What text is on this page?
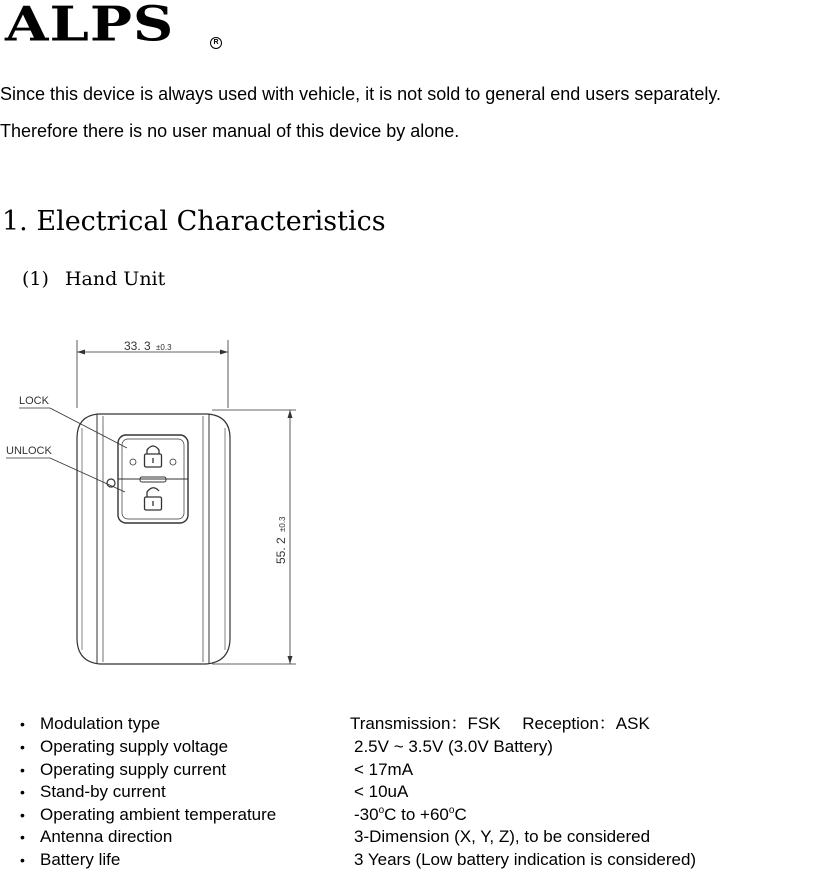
ALPS	R
Since this device is always used with vehicle, it is not sold to general end users separately.
Therefore there is no user manual of this device by alone.
1. Electrical Characteristics
(1) Hand Unit
33. 3 ±0.3
55. 2
±0.3
LOCK
UNLOCK
• Modulation type	Transmission：FSK　 Reception：ASK
• Operating supply voltage	2.5V ~ 3.5V (3.0V Battery)
• Operating supply current	< 17mA
• Stand-by current	< 10uA
• Operating ambient temperature	-30$^o$C to $+60^oC$
• Antenna direction	3-Dimension (X, Y, Z), to be considered
• Battery life	3 Years (Low battery indication is considered)
